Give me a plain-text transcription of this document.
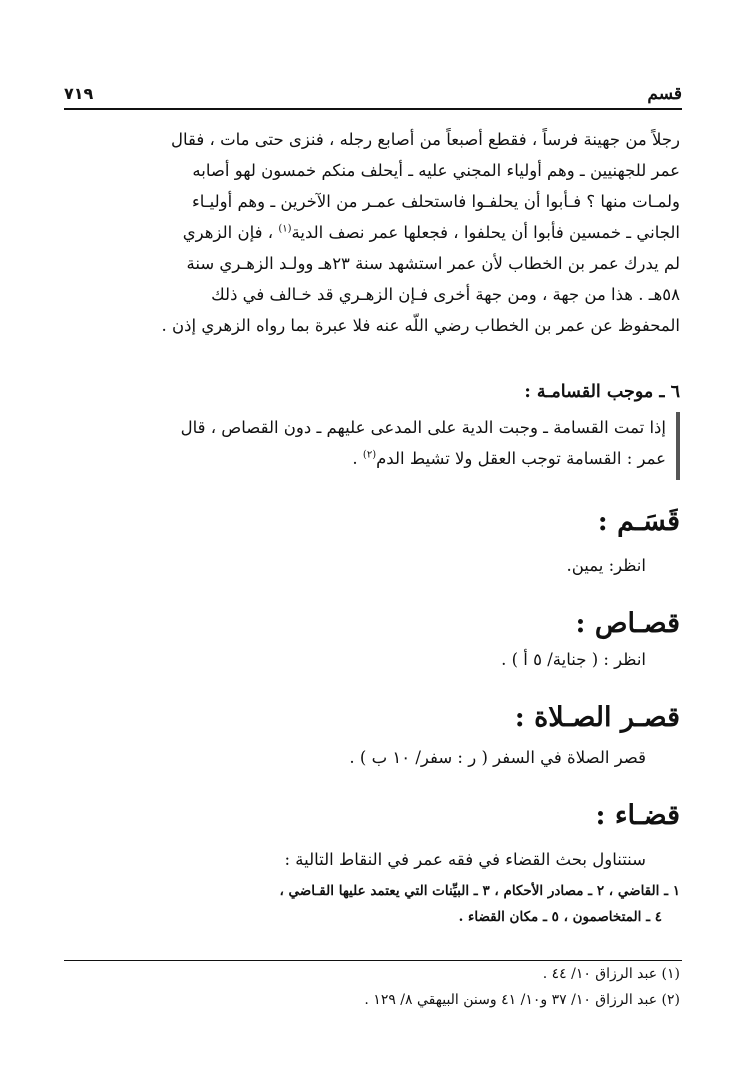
قسم
٧١٩
رجلاً من جهينة فرساً ، فقطع أصبعاً من أصابع رجله ، فنزى حتى مات ، فقال
عمر للجهنيين ـ وهم أولياء المجني عليه ـ أيحلف منكم خمسون لهو أصابه
ولمـات منها ؟ فـأبوا أن يحلفـوا فاستحلف عمـر من الآخرين ـ وهم أوليـاء
الجاني ـ خمسين فأبوا أن يحلفوا ، فجعلها عمر نصف الدية$^{(١)}$ ، فإن الزهري
لم يدرك عمر بن الخطاب لأن عمر استشهد سنة ٢٣هـ وولـد الزهـري سنة
٥٨هـ . هذا من جهة ، ومن جهة أخرى فـإن الزهـري قد خـالف في ذلك
المحفوظ عن عمر بن الخطاب رضي اللّه عنه فلا عبرة بما رواه الزهري إذن .

٦ ـ موجب القسامـة :

إذا تمت القسامة ـ وجبت الدية على المدعى عليهم ـ دون القصاص ، قال
عمر : القسامة توجب العقل ولا تشيط الدم$^{(٢)}$ .
قَسَـم :

انظر: يمين.

قصـاص :

انظر : ( جناية/ ٥ أ ) .

قصـر الصـلاة :

قصر الصلاة في السفر ( ر : سفر/ ١٠ ب ) .

قضـاء :

سنتناول بحث القضاء في فقه عمر في النقاط التالية :

١ ـ القاضي ، ٢ ـ مصادر الأحكام ، ٣ ـ البيِّنات التي يعتمد عليها القـاضي ،

٤ ـ المتخاصمون ، ٥ ـ مكان القضاء .

(١) عبد الرزاق ١٠/ ٤٤ .

(٢) عبد الرزاق ١٠/ ٣٧ و١٠/ ٤١ وسنن البيهقي ٨/ ١٢٩ .
